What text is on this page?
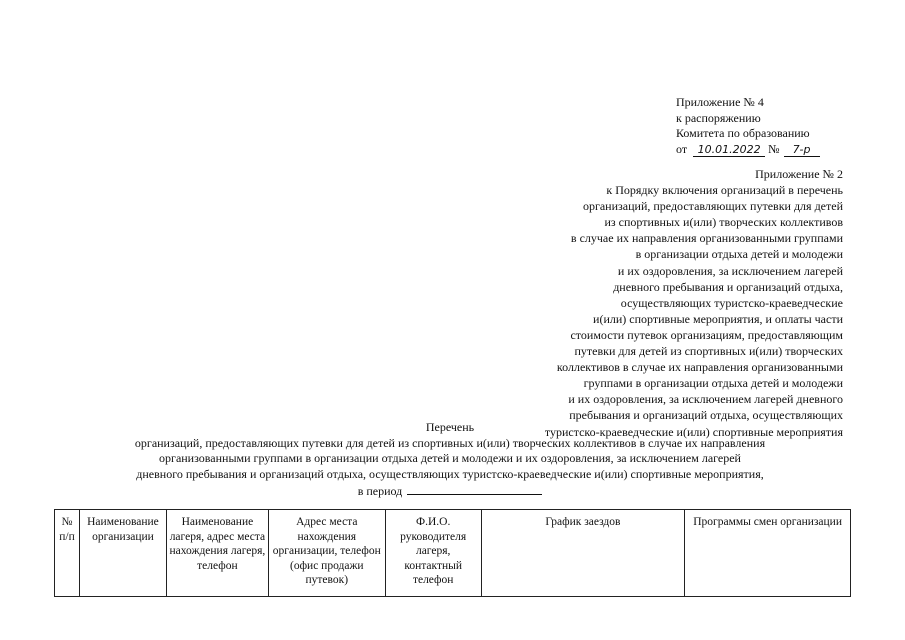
Приложение № 4
к распоряжению
Комитета по образованию
от 10.01.2022 № 7-р
Приложение № 2
к Порядку включения организаций в перечень
организаций, предоставляющих путевки для детей
из спортивных и(или) творческих коллективов
в случае их направления организованными группами
в организации отдыха детей и молодежи
и их оздоровления, за исключением лагерей
дневного пребывания и организаций отдыха,
осуществляющих туристско-краеведческие
и(или) спортивные мероприятия, и оплаты части
стоимости путевок организациям, предоставляющим
путевки для детей из спортивных и(или) творческих
коллективов в случае их направления организованными
группами в организации отдыха детей и молодежи
и их оздоровления, за исключением лагерей дневного
пребывания и организаций отдыха, осуществляющих
туристско-краеведческие и(или) спортивные мероприятия
Перечень
организаций, предоставляющих путевки для детей из спортивных и(или) творческих коллективов в случае их направления
организованными группами в организации отдыха детей и молодежи и их оздоровления, за исключением лагерей
дневного пребывания и организаций отдыха, осуществляющих туристско-краеведческие и(или) спортивные мероприятия,
в период
№ п/п	Наименование организации	Наименование лагеря, адрес места нахождения лагеря, телефон	Адрес места нахождения организации, телефон (офис продажи путевок)	Ф.И.О. руководителя лагеря, контактный телефон	График заездов	Программы смен организации
